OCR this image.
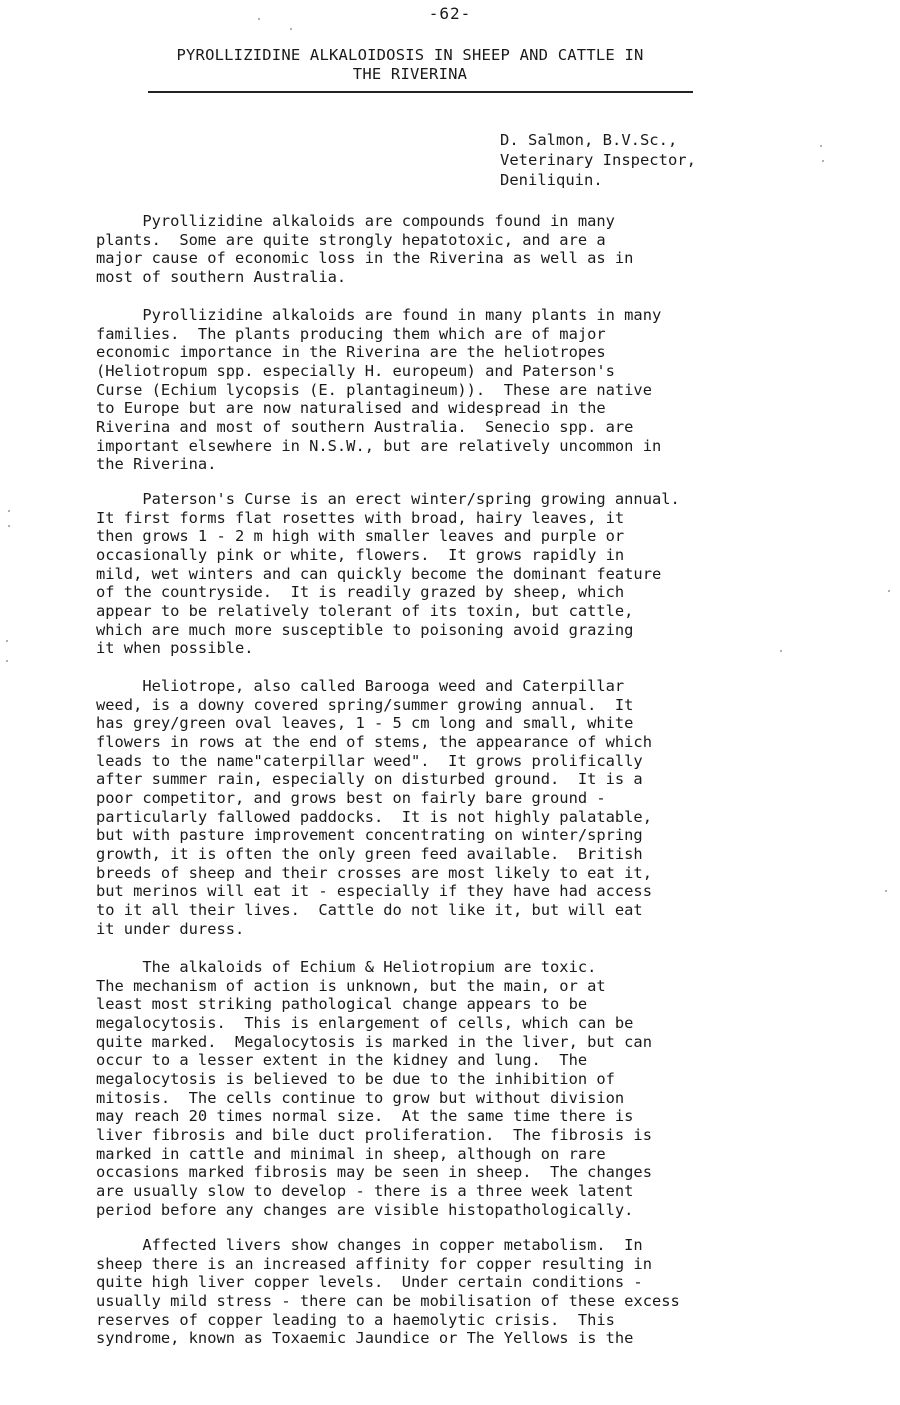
-62-
PYROLLIZIDINE ALKALOIDOSIS IN SHEEP AND CATTLE IN
THE RIVERINA
D. Salmon, B.V.Sc.,
Veterinary Inspector,
Deniliquin.
Pyrollizidine alkaloids are compounds found in many
plants.  Some are quite strongly hepatotoxic, and are a
major cause of economic loss in the Riverina as well as in
most of southern Australia.
Pyrollizidine alkaloids are found in many plants in many
families.  The plants producing them which are of major
economic importance in the Riverina are the heliotropes
(Heliotropum spp. especially H. europeum) and Paterson's
Curse (Echium lycopsis (E. plantagineum)).  These are native
to Europe but are now naturalised and widespread in the
Riverina and most of southern Australia.  Senecio spp. are
important elsewhere in N.S.W., but are relatively uncommon in
the Riverina.
Paterson's Curse is an erect winter/spring growing annual.
It first forms flat rosettes with broad, hairy leaves, it
then grows 1 - 2 m high with smaller leaves and purple or
occasionally pink or white, flowers.  It grows rapidly in
mild, wet winters and can quickly become the dominant feature
of the countryside.  It is readily grazed by sheep, which
appear to be relatively tolerant of its toxin, but cattle,
which are much more susceptible to poisoning avoid grazing
it when possible.
Heliotrope, also called Barooga weed and Caterpillar
weed, is a downy covered spring/summer growing annual.  It
has grey/green oval leaves, 1 - 5 cm long and small, white
flowers in rows at the end of stems, the appearance of which
leads to the name"caterpillar weed".  It grows prolifically
after summer rain, especially on disturbed ground.  It is a
poor competitor, and grows best on fairly bare ground -
particularly fallowed paddocks.  It is not highly palatable,
but with pasture improvement concentrating on winter/spring
growth, it is often the only green feed available.  British
breeds of sheep and their crosses are most likely to eat it,
but merinos will eat it - especially if they have had access
to it all their lives.  Cattle do not like it, but will eat
it under duress.
The alkaloids of Echium & Heliotropium are toxic.
The mechanism of action is unknown, but the main, or at
least most striking pathological change appears to be
megalocytosis.  This is enlargement of cells, which can be
quite marked.  Megalocytosis is marked in the liver, but can
occur to a lesser extent in the kidney and lung.  The
megalocytosis is believed to be due to the inhibition of
mitosis.  The cells continue to grow but without division
may reach 20 times normal size.  At the same time there is
liver fibrosis and bile duct proliferation.  The fibrosis is
marked in cattle and minimal in sheep, although on rare
occasions marked fibrosis may be seen in sheep.  The changes
are usually slow to develop - there is a three week latent
period before any changes are visible histopathologically.
Affected livers show changes in copper metabolism.  In
sheep there is an increased affinity for copper resulting in
quite high liver copper levels.  Under certain conditions -
usually mild stress - there can be mobilisation of these excess
reserves of copper leading to a haemolytic crisis.  This
syndrome, known as Toxaemic Jaundice or The Yellows is the
